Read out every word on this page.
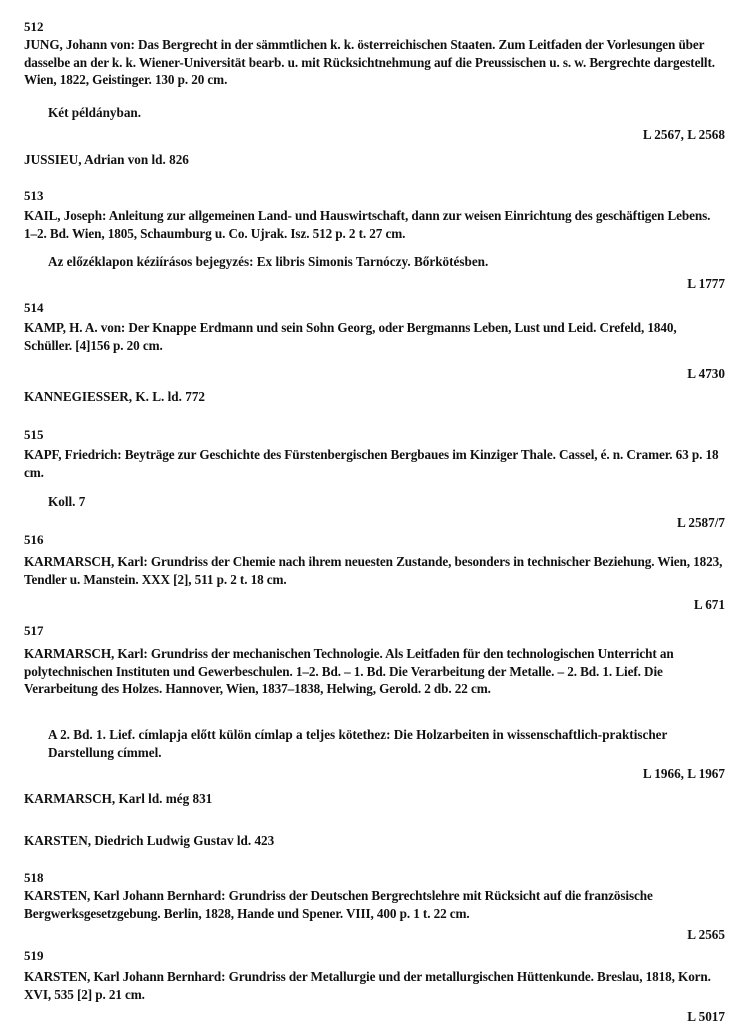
512
JUNG, Johann von: Das Bergrecht in der sämmtlichen k. k. österreichischen Staaten. Zum Leitfaden der Vorlesungen über dasselbe an der k. k. Wiener-Universität bearb. u. mit Rücksichtnehmung auf die Preussischen u. s. w. Bergrechte dargestellt. Wien, 1822, Geistinger. 130 p. 20 cm.
Két példányban.
L 2567, L 2568
JUSSIEU, Adrian von ld. 826
513
KAIL, Joseph: Anleitung zur allgemeinen Land- und Hauswirtschaft, dann zur weisen Einrichtung des geschäftigen Lebens. 1–2. Bd. Wien, 1805, Schaumburg u. Co. Ujrak. Isz. 512 p. 2 t. 27 cm.
Az előzéklapon kéziírásos bejegyzés: Ex libris Simonis Tarnóczy. Bőrkötésben.
L 1777
514
KAMP, H. A. von: Der Knappe Erdmann und sein Sohn Georg, oder Bergmanns Leben, Lust und Leid. Crefeld, 1840, Schüller. [4]156 p. 20 cm.
L 4730
KANNEGIESSER, K. L. ld. 772
515
KAPF, Friedrich: Beyträge zur Geschichte des Fürstenbergischen Bergbaues im Kinziger Thale. Cassel, é. n. Cramer. 63 p. 18 cm.
Koll. 7
L 2587/7
516
KARMARSCH, Karl: Grundriss der Chemie nach ihrem neuesten Zustande, besonders in technischer Beziehung. Wien, 1823, Tendler u. Manstein. XXX [2], 511 p. 2 t. 18 cm.
L 671
517
KARMARSCH, Karl: Grundriss der mechanischen Technologie. Als Leitfaden für den technologischen Unterricht an polytechnischen Instituten und Gewerbeschulen. 1–2. Bd. – 1. Bd. Die Verarbeitung der Metalle. – 2. Bd. 1. Lief. Die Verarbeitung des Holzes. Hannover, Wien, 1837–1838, Helwing, Gerold. 2 db. 22 cm.
A 2. Bd. 1. Lief. címlapja előtt külön címlap a teljes kötethez: Die Holzarbeiten in wissenschaftlich-praktischer Darstellung címmel.
L 1966, L 1967
KARMARSCH, Karl ld. még 831
KARSTEN, Diedrich Ludwig Gustav ld. 423
518
KARSTEN, Karl Johann Bernhard: Grundriss der Deutschen Bergrechtslehre mit Rücksicht auf die französische Bergwerksgesetzgebung. Berlin, 1828, Hande und Spener. VIII, 400 p. 1 t. 22 cm.
L 2565
519
KARSTEN, Karl Johann Bernhard: Grundriss der Metallurgie und der metallurgischen Hüttenkunde. Breslau, 1818, Korn. XVI, 535 [2] p. 21 cm.
L 5017
